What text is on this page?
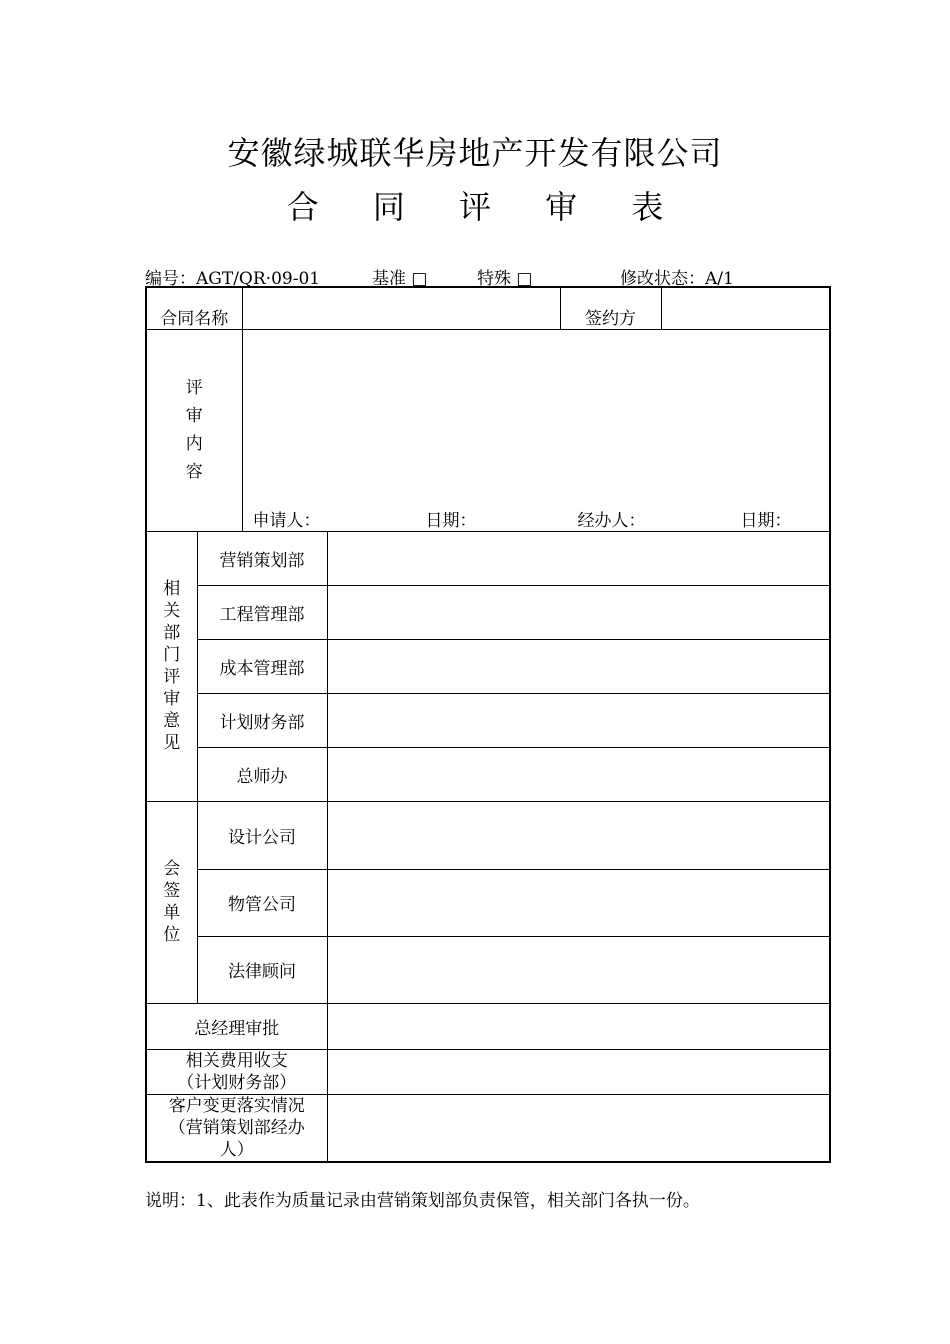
安徽绿城联华房地产开发有限公司
合 同 评 审 表
编号：AGT/QR·09-01	基准 □	特殊 □	修改状态：A/1
合同名称				签约方	
评审内容		申请人： 日期： 经办人： 日期：			

相关部门评审意见	营销策划部				
	工程管理部				
	成本管理部				
	计划财务部				
	总师办				
会签单位	设计公司				
	物管公司				
	法律顾问				
总经理审批					

相关费用收支
（计划财务部）					

客户变更落实情况
（营销策划部经办
人）					

说明：1、此表作为质量记录由营销策划部负责保管，相关部门各执一份。
